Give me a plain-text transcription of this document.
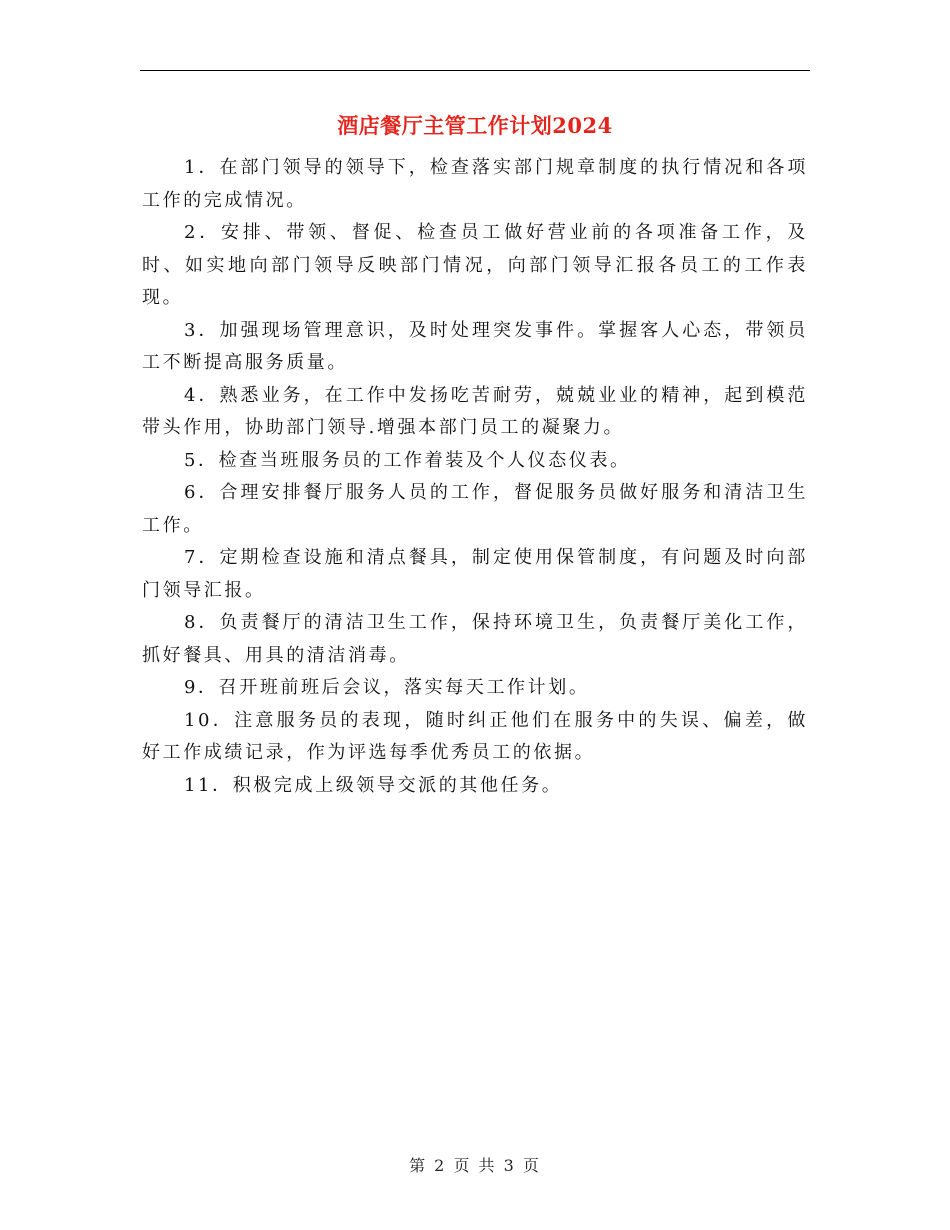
酒店餐厅主管工作计划2024

1．在部门领导的领导下，检查落实部门规章制度的执行情况和各项工作的完成情况。

2．安排、带领、督促、检查员工做好营业前的各项准备工作，及时、如实地向部门领导反映部门情况，向部门领导汇报各员工的工作表现。

3．加强现场管理意识，及时处理突发事件。掌握客人心态，带领员工不断提高服务质量。

4．熟悉业务，在工作中发扬吃苦耐劳，兢兢业业的精神，起到模范带头作用，协助部门领导.增强本部门员工的凝聚力。

5．检查当班服务员的工作着装及个人仪态仪表。

6．合理安排餐厅服务人员的工作，督促服务员做好服务和清洁卫生工作。

7．定期检查设施和清点餐具，制定使用保管制度，有问题及时向部门领导汇报。

8．负责餐厅的清洁卫生工作，保持环境卫生，负责餐厅美化工作，抓好餐具、用具的清洁消毒。

9．召开班前班后会议，落实每天工作计划。

10．注意服务员的表现，随时纠正他们在服务中的失误、偏差，做好工作成绩记录，作为评选每季优秀员工的依据。

11．积极完成上级领导交派的其他任务。

第 2 页 共 3 页
